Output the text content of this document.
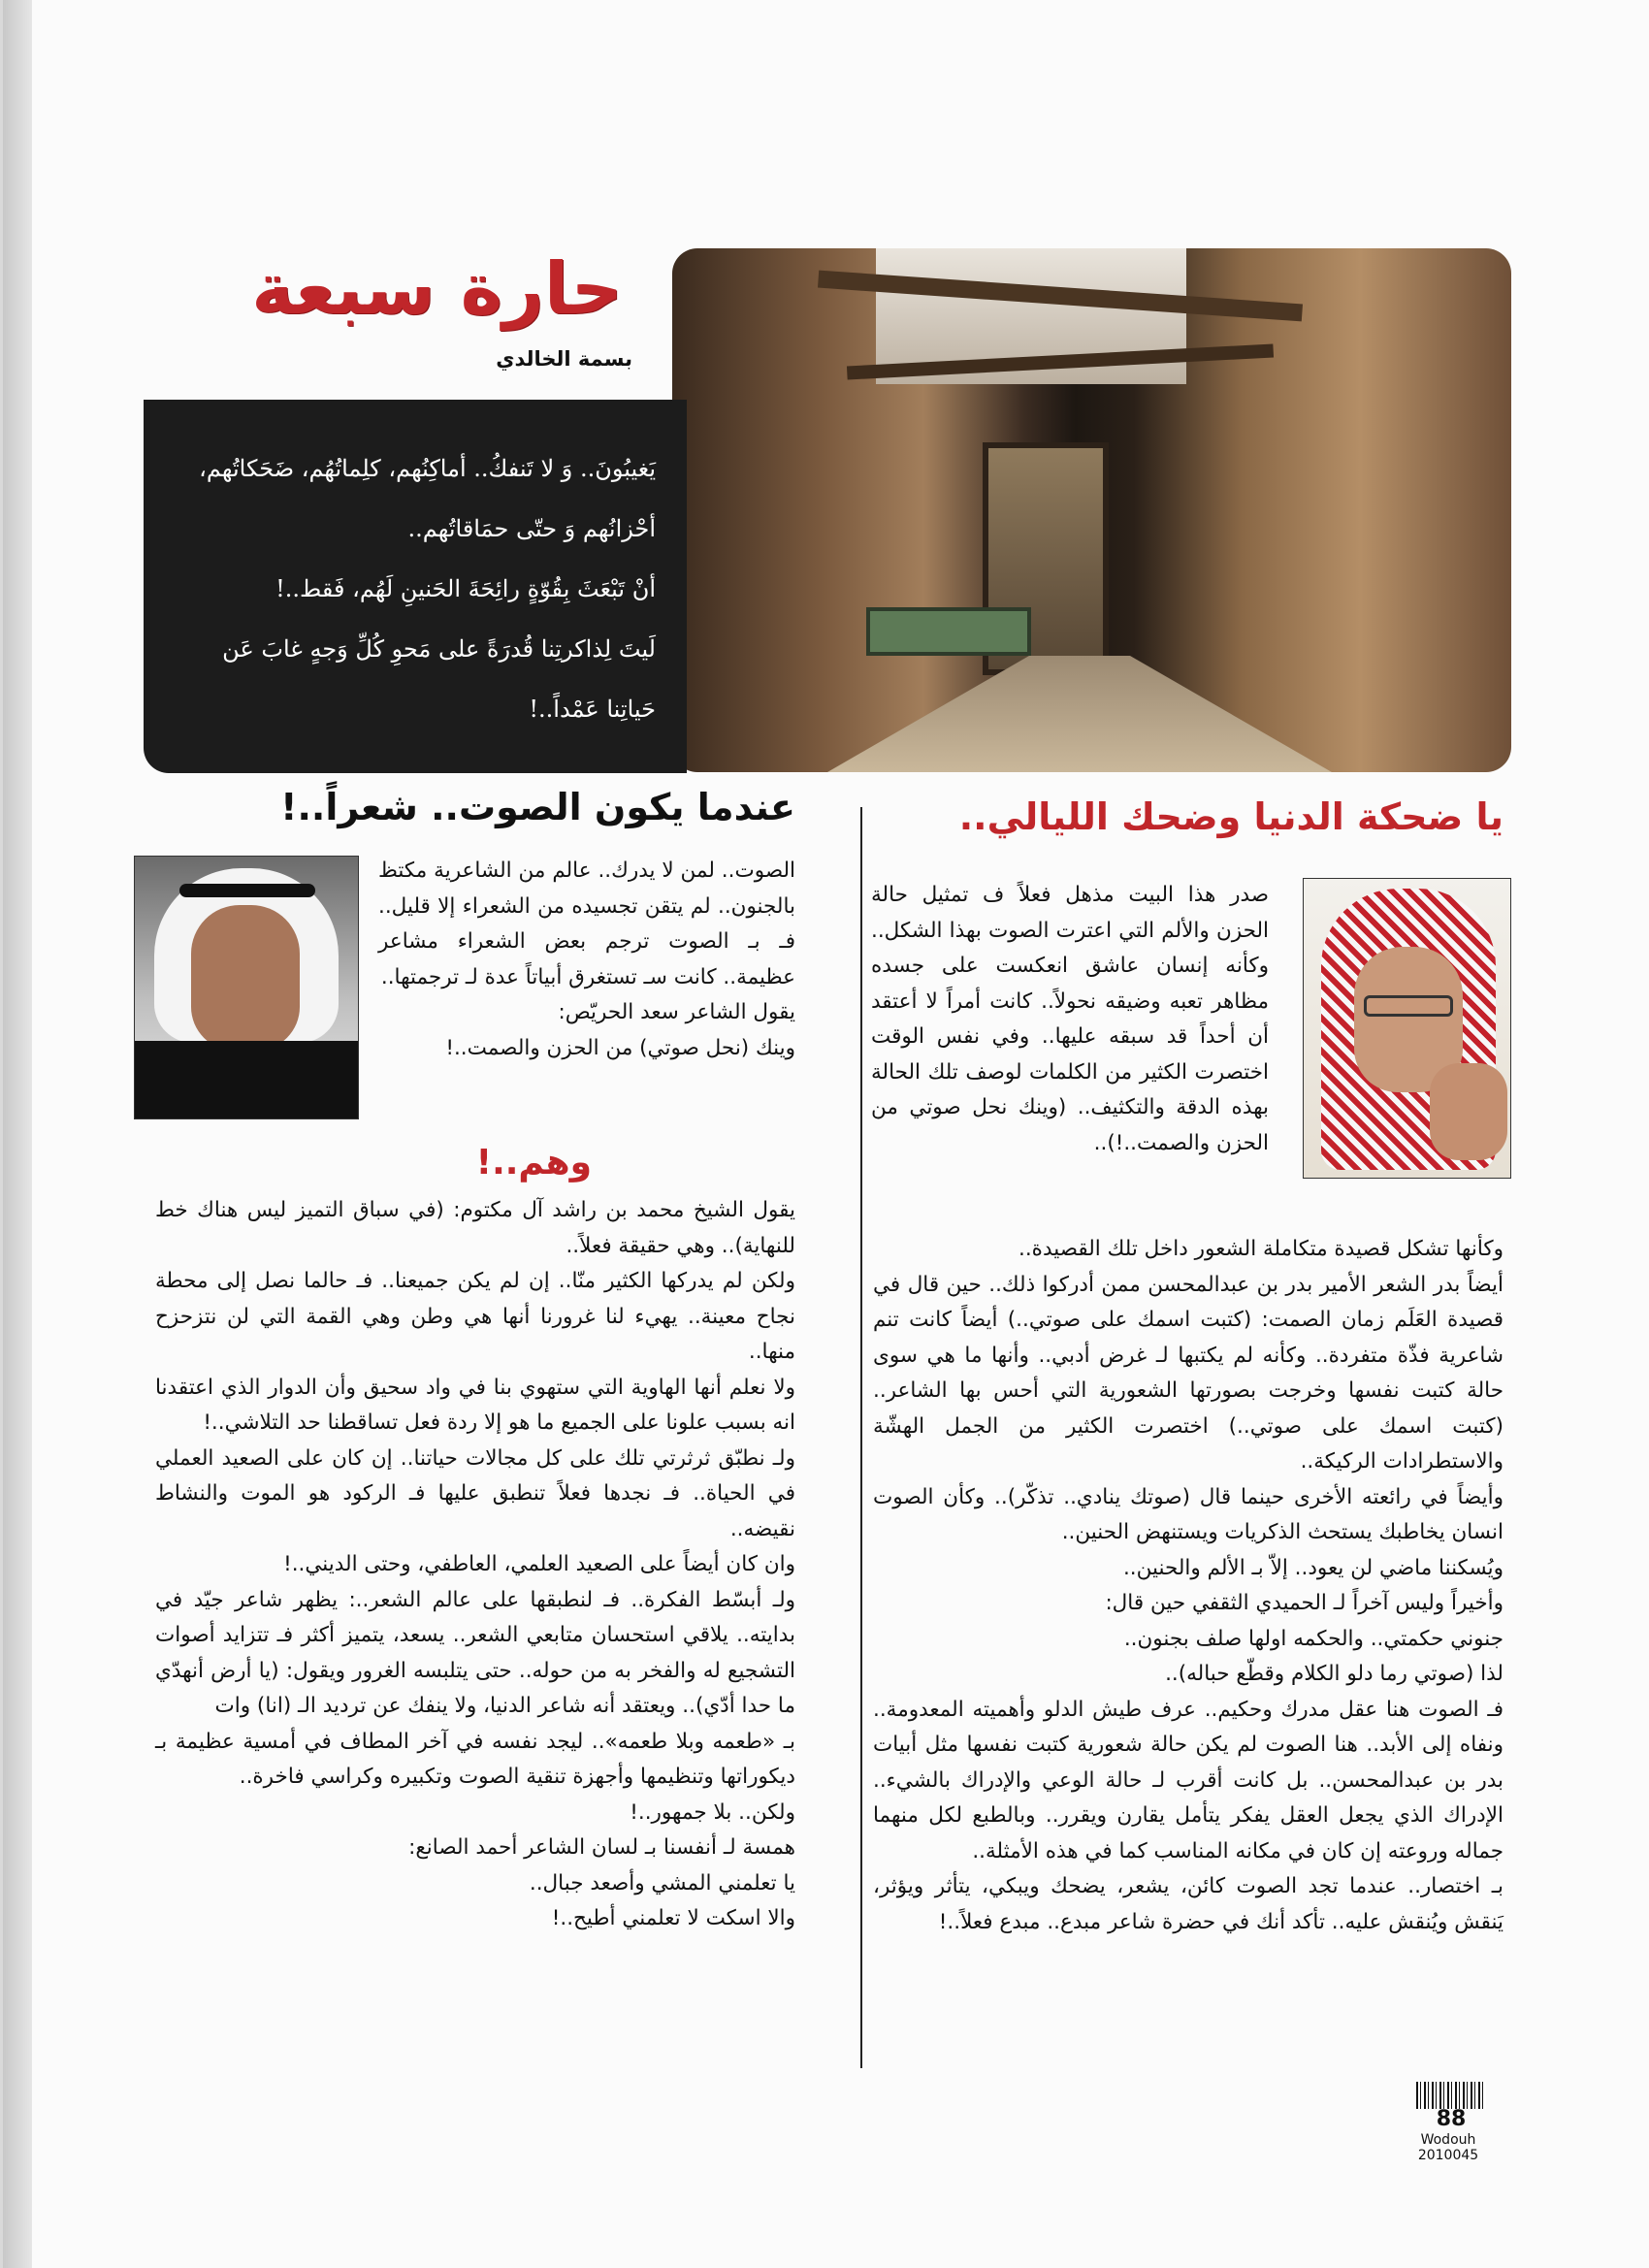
حارة سبعة
بسمة الخالدي
يَغيبُونَ.. وَ لا تَنفكُ.. أماكِنُهم، كلِماتُهُم، ضَحَكاتُهم،
أحْزانُهم وَ حتّى حمَاقاتُهم..
أنْ تَبْعَثَ بِقُوّةٍ رائِحَةَ الحَنينِ لَهُم، فَقط..!
لَيتَ لِذاكرتِنا قُدرَةً على مَحوِ كُلِّ وَجهٍ غابَ عَن
حَياتِنا عَمْداً..!
يا ضحكة الدنيا وضحك الليالي..

صدر هذا البيت مذهل فعلاً ف تمثيل حالة الحزن والألم التي اعترت الصوت بهذا الشكل.. وكأنه إنسان عاشق انعكست على جسده مظاهر تعبه وضيقه نحولاً.. كانت أمراً لا أعتقد أن أحداً قد سبقه عليها.. وفي نفس الوقت اختصرت الكثير من الكلمات لوصف تلك الحالة بهذه الدقة والتكثيف.. (وينك نحل صوتي من الحزن والصمت..!)..

وكأنها تشكل قصيدة متكاملة الشعور داخل تلك القصيدة..

أيضاً بدر الشعر الأمير بدر بن عبدالمحسن ممن أدركوا ذلك.. حين قال في قصيدة العَلَم زمان الصمت: (كتبت اسمك على صوتي..) أيضاً كانت تنم شاعرية فذّة متفردة.. وكأنه لم يكتبها لـ غرض أدبي.. وأنها ما هي سوى حالة كتبت نفسها وخرجت بصورتها الشعورية التي أحس بها الشاعر.. (كتبت اسمك على صوتي..) اختصرت الكثير من الجمل الهشّة والاستطرادات الركيكة..

وأيضاً في رائعته الأخرى حينما قال (صوتك ينادي.. تذكّر).. وكأن الصوت انسان يخاطبك يستحث الذكريات ويستنهض الحنين..

ويُسكننا ماضي لن يعود.. إلاّ بـ الألم والحنين..

وأخيراً وليس آخراً لـ الحميدي الثقفي حين قال:

جنوني حكمتي.. والحكمه اولها صلف بجنون..

لذا (صوتي رما دلو الكلام وقطّع حباله)..

فـ الصوت هنا عقل مدرك وحكيم.. عرف طيش الدلو وأهميته المعدومة.. ونفاه إلى الأبد.. هنا الصوت لم يكن حالة شعورية كتبت نفسها مثل أبيات بدر بن عبدالمحسن.. بل كانت أقرب لـ حالة الوعي والإدراك بالشيء.. الإدراك الذي يجعل العقل يفكر يتأمل يقارن ويقرر.. وبالطبع لكل منهما جماله وروعته إن كان في مكانه المناسب كما في هذه الأمثلة..

بـ اختصار.. عندما تجد الصوت كائن، يشعر، يضحك ويبكي، يتأثر ويؤثر، يَنقش ويُنقش عليه.. تأكد أنك في حضرة شاعر مبدع.. مبدع فعلاً..!

عندما يكون الصوت.. شعراً..!

الصوت.. لمن لا يدرك.. عالم من الشاعرية مكتظ بالجنون.. لم يتقن تجسيده من الشعراء إلا قليل.. فـ بـ الصوت ترجم بعض الشعراء مشاعر عظيمة.. كانت سـ تستغرق أبياتاً عدة لـ ترجمتها..

يقول الشاعر سعد الحريّص:

وينك (نحل صوتي) من الحزن والصمت..!

وهم..!

يقول الشيخ محمد بن راشد آل مكتوم: (في سباق التميز ليس هناك خط للنهاية).. وهي حقيقة فعلاً..

ولكن لم يدركها الكثير منّا.. إن لم يكن جميعنا.. فـ حالما نصل إلى محطة نجاح معينة.. يهيء لنا غرورنا أنها هي وطن وهي القمة التي لن نتزحزح منها..

ولا نعلم أنها الهاوية التي ستهوي بنا في واد سحيق وأن الدوار الذي اعتقدنا انه بسبب علونا على الجميع ما هو إلا ردة فعل تساقطنا حد التلاشي..!

ولـ نطبّق ثرثرتي تلك على كل مجالات حياتنا.. إن كان على الصعيد العملي في الحياة.. فـ نجدها فعلاً تنطبق عليها فـ الركود هو الموت والنشاط نقيضه..

وان كان أيضاً على الصعيد العلمي، العاطفي، وحتى الديني..!

ولـ أبسّط الفكرة.. فـ لنطبقها على عالم الشعر..: يظهر شاعر جيّد في بدايته.. يلاقي استحسان متابعي الشعر.. يسعد، يتميز أكثر فـ تتزايد أصوات التشجيع له والفخر به من حوله.. حتى يتلبسه الغرور ويقول: (يا أرض أنهدّي ما حدا أدّي).. ويعتقد أنه شاعر الدنيا، ولا ينفك عن ترديد الـ (انا) وات

بـ «طعمه وبلا طعمه».. ليجد نفسه في آخر المطاف في أمسية عظيمة بـ ديكوراتها وتنظيمها وأجهزة تنقية الصوت وتكبيره وكراسي فاخرة..

ولكن.. بلا جمهور..!

همسة لـ أنفسنا بـ لسان الشاعر أحمد الصانع:

يا تعلمني المشي وأصعد جبال..

والا اسكت لا تعلمني أطيح..!

88
Wodouh 2010045
